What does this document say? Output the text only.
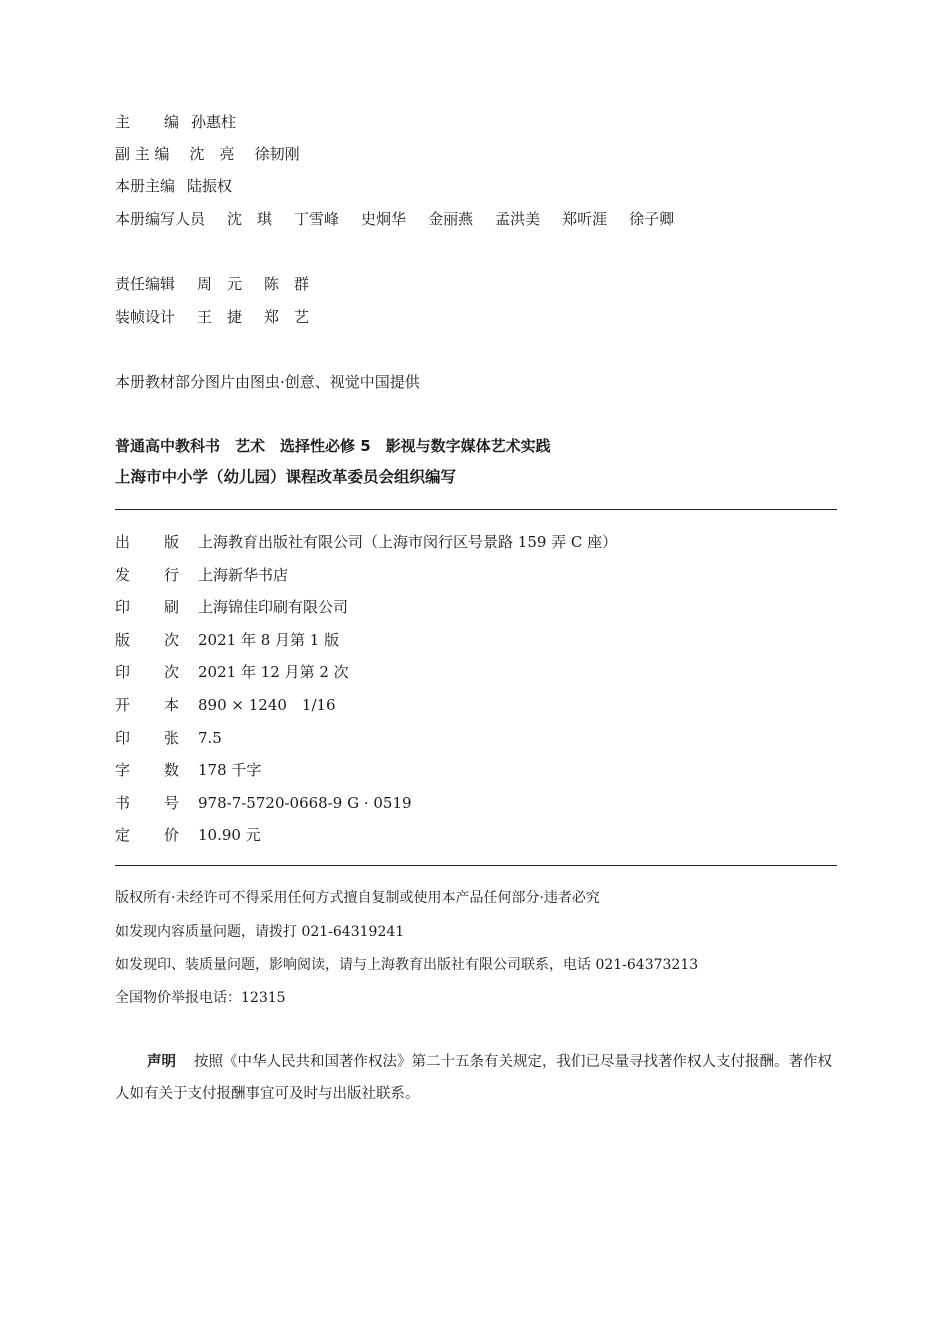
主 编 孙惠柱
副 主 编 沈　亮 徐韧刚
本册主编 陆振权
本册编写人员 沈　琪 丁雪峰 史炯华 金丽燕 孟洪美 郑听涯 徐子卿
责任编辑 周　元 陈　群
装帧设计 王　捷 郑　艺
本册教材部分图片由图虫·创意、视觉中国提供
普通高中教科书　艺术　选择性必修 5　影视与数字媒体艺术实践
上海市中小学（幼儿园）课程改革委员会组织编写
出 版 上海教育出版社有限公司（上海市闵行区号景路 159 弄 C 座）
发 行 上海新华书店
印 刷 上海锦佳印刷有限公司
版 次 2021 年 8 月第 1 版
印 次 2021 年 12 月第 2 次
开 本 890 × 1240　1/16
印 张 7.5
字 数 178 千字
书 号 978-7-5720-0668-9 G · 0519
定 价 10.90 元
版权所有·未经许可不得采用任何方式擅自复制或使用本产品任何部分·违者必究
如发现内容质量问题，请拨打 021-64319241
如发现印、装质量问题，影响阅读，请与上海教育出版社有限公司联系，电话 021-64373213
全国物价举报电话：12315
声明 按照《中华人民共和国著作权法》第二十五条有关规定，我们已尽量寻找著作权人支付报酬。著作权人如有关于支付报酬事宜可及时与出版社联系。
